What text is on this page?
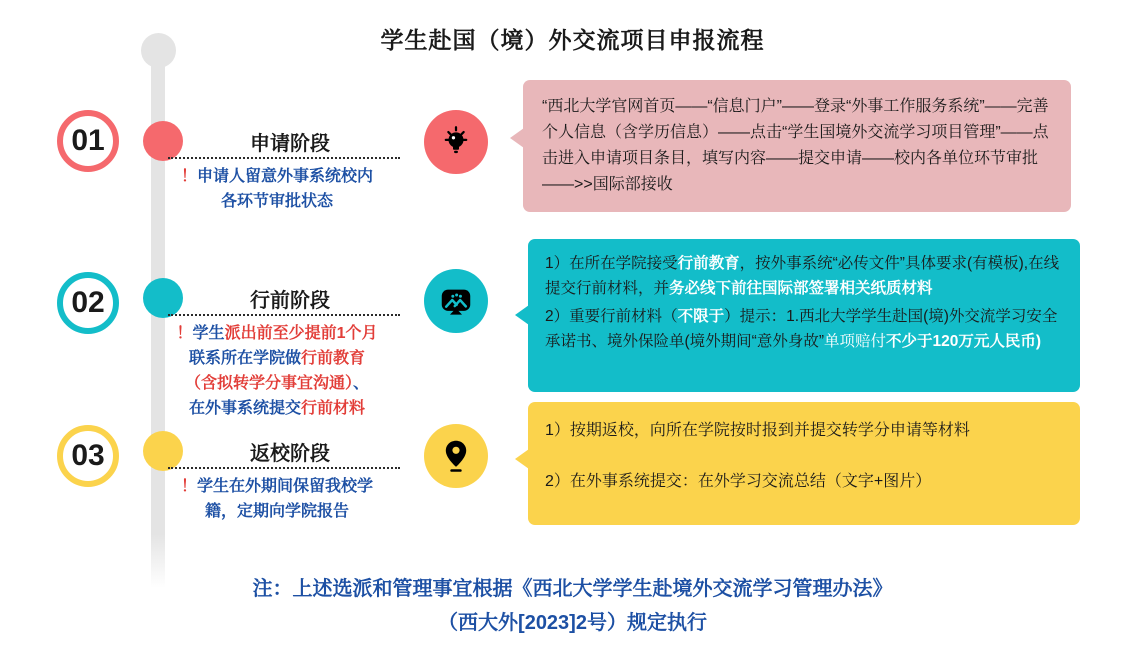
学生赴国（境）外交流项目申报流程
01	申请阶段
！申请人留意外事系统校内
各环节审批状态
02	行前阶段
！学生派出前至少提前1个月
联系所在学院做行前教育
（含拟转学分事宜沟通）、
在外事系统提交行前材料
03	返校阶段
！学生在外期间保留我校学
籍，定期向学院报告

“西北大学官网首页——“信息门户”——登录“外事工作服务系统”——完善个人信息（含学历信息）——点击“学生国境外交流学习项目管理”——点击进入申请项目条目，填写内容——提交申请——校内各单位环节审批——>>国际部接收

1）在所在学院接受行前教育，按外事系统“必传文件”具体要求(有模板),在线提交行前材料，并务必线下前往国际部签署相关纸质材料

2）重要行前材料（不限于）提示：1.西北大学学生赴国(境)外交流学习安全承诺书、境外保险单(境外期间“意外身故”单项赔付不少于120万元人民币)

1）按期返校，向所在学院按时报到并提交转学分申请等材料

2）在外事系统提交：在外学习交流总结（文字+图片）

注：上述选派和管理事宜根据《西北大学学生赴境外交流学习管理办法》
（西大外[2023]2号）规定执行
